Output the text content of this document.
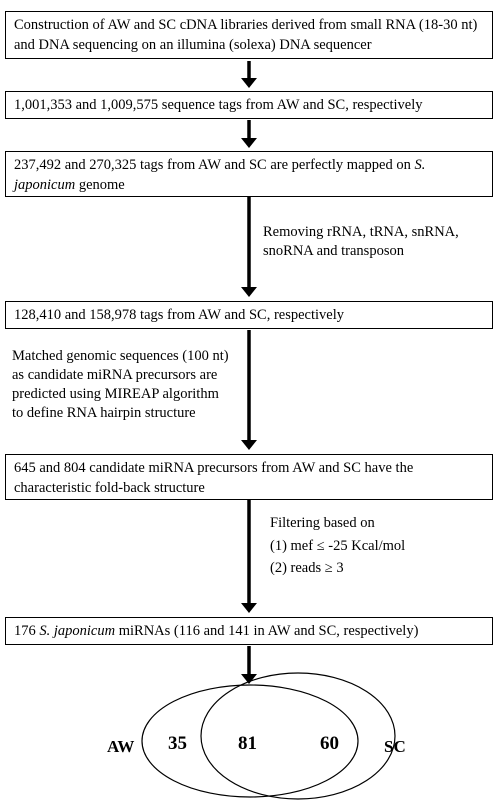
Construction of AW and SC cDNA libraries derived from small RNA (18-30 nt) and DNA sequencing on an illumina (solexa) DNA sequencer
1,001,353 and 1,009,575 sequence tags from AW and SC, respectively
237,492 and 270,325 tags from AW and SC are perfectly mapped on S. japonicum genome
128,410 and 158,978 tags from AW and SC, respectively
645 and 804 candidate miRNA precursors from AW and SC have the characteristic fold-back structure
176 S. japonicum miRNAs (116 and 141 in AW and SC, respectively)
Removing rRNA, tRNA, snRNA, snoRNA and transposon
Matched genomic sequences (100 nt) as candidate miRNA precursors are predicted using MIREAP algorithm to define RNA hairpin structure
Filtering based on
(1) mef ≤ -25 Kcal/mol
(2) reads ≥ 3
AW	SC
35	81	60
